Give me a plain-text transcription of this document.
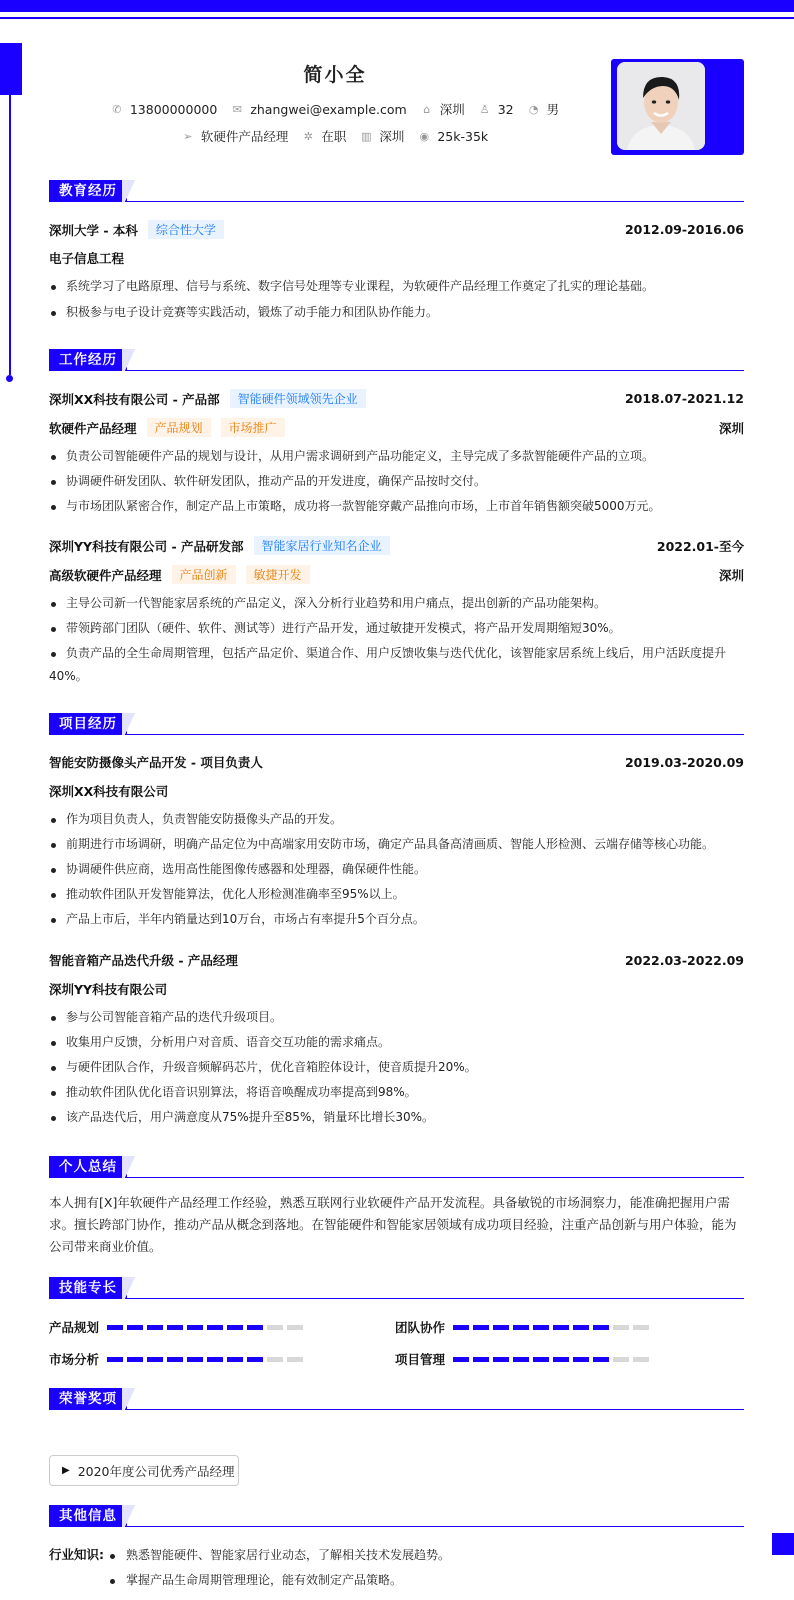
简小全
✆ 13800000000 ✉ zhangwei@example.com ⌂ 深圳 ♙ 32 ◔ 男
➢ 软硬件产品经理 ✲ 在职 ▥ 深圳 ◉ 25k-35k
教育经历
深圳大学 - 本科	综合性大学	2012.09-2016.06
电子信息工程
系统学习了电路原理、信号与系统、数字信号处理等专业课程，为软硬件产品经理工作奠定了扎实的理论基础。
积极参与电子设计竞赛等实践活动，锻炼了动手能力和团队协作能力。
工作经历
深圳XX科技有限公司 - 产品部	智能硬件领域领先企业	2018.07-2021.12
软硬件产品经理	产品规划	市场推广	深圳
负责公司智能硬件产品的规划与设计，从用户需求调研到产品功能定义，主导完成了多款智能硬件产品的立项。
协调硬件研发团队、软件研发团队，推动产品的开发进度，确保产品按时交付。
与市场团队紧密合作，制定产品上市策略，成功将一款智能穿戴产品推向市场，上市首年销售额突破5000万元。
深圳YY科技有限公司 - 产品研发部	智能家居行业知名企业	2022.01-至今
高级软硬件产品经理	产品创新	敏捷开发	深圳
主导公司新一代智能家居系统的产品定义，深入分析行业趋势和用户痛点，提出创新的产品功能架构。
带领跨部门团队（硬件、软件、测试等）进行产品开发，通过敏捷开发模式，将产品开发周期缩短30%。
负责产品的全生命周期管理，包括产品定价、渠道合作、用户反馈收集与迭代优化，该智能家居系统上线后，用户活跃度提升
40%。
项目经历
智能安防摄像头产品开发 - 项目负责人	2019.03-2020.09
深圳XX科技有限公司
作为项目负责人，负责智能安防摄像头产品的开发。
前期进行市场调研，明确产品定位为中高端家用安防市场，确定产品具备高清画质、智能人形检测、云端存储等核心功能。
协调硬件供应商，选用高性能图像传感器和处理器，确保硬件性能。
推动软件团队开发智能算法，优化人形检测准确率至95%以上。
产品上市后，半年内销量达到10万台，市场占有率提升5个百分点。
智能音箱产品迭代升级 - 产品经理	2022.03-2022.09
深圳YY科技有限公司
参与公司智能音箱产品的迭代升级项目。
收集用户反馈，分析用户对音质、语音交互功能的需求痛点。
与硬件团队合作，升级音频解码芯片，优化音箱腔体设计，使音质提升20%。
推动软件团队优化语音识别算法，将语音唤醒成功率提高到98%。
该产品迭代后，用户满意度从75%提升至85%，销量环比增长30%。
个人总结
本人拥有[X]年软硬件产品经理工作经验，熟悉互联网行业软硬件产品开发流程。具备敏锐的市场洞察力，能准确把握用户需求。擅长跨部门协作，推动产品从概念到落地。在智能硬件和智能家居领域有成功项目经验，注重产品创新与用户体验，能为公司带来商业价值。
技能专长
产品规划	团队协作
市场分析	项目管理
荣誉奖项
▶ 2020年度公司优秀产品经理
其他信息
行业知识: 熟悉智能硬件、智能家居行业动态，了解相关技术发展趋势。
掌握产品生命周期管理理论，能有效制定产品策略。
